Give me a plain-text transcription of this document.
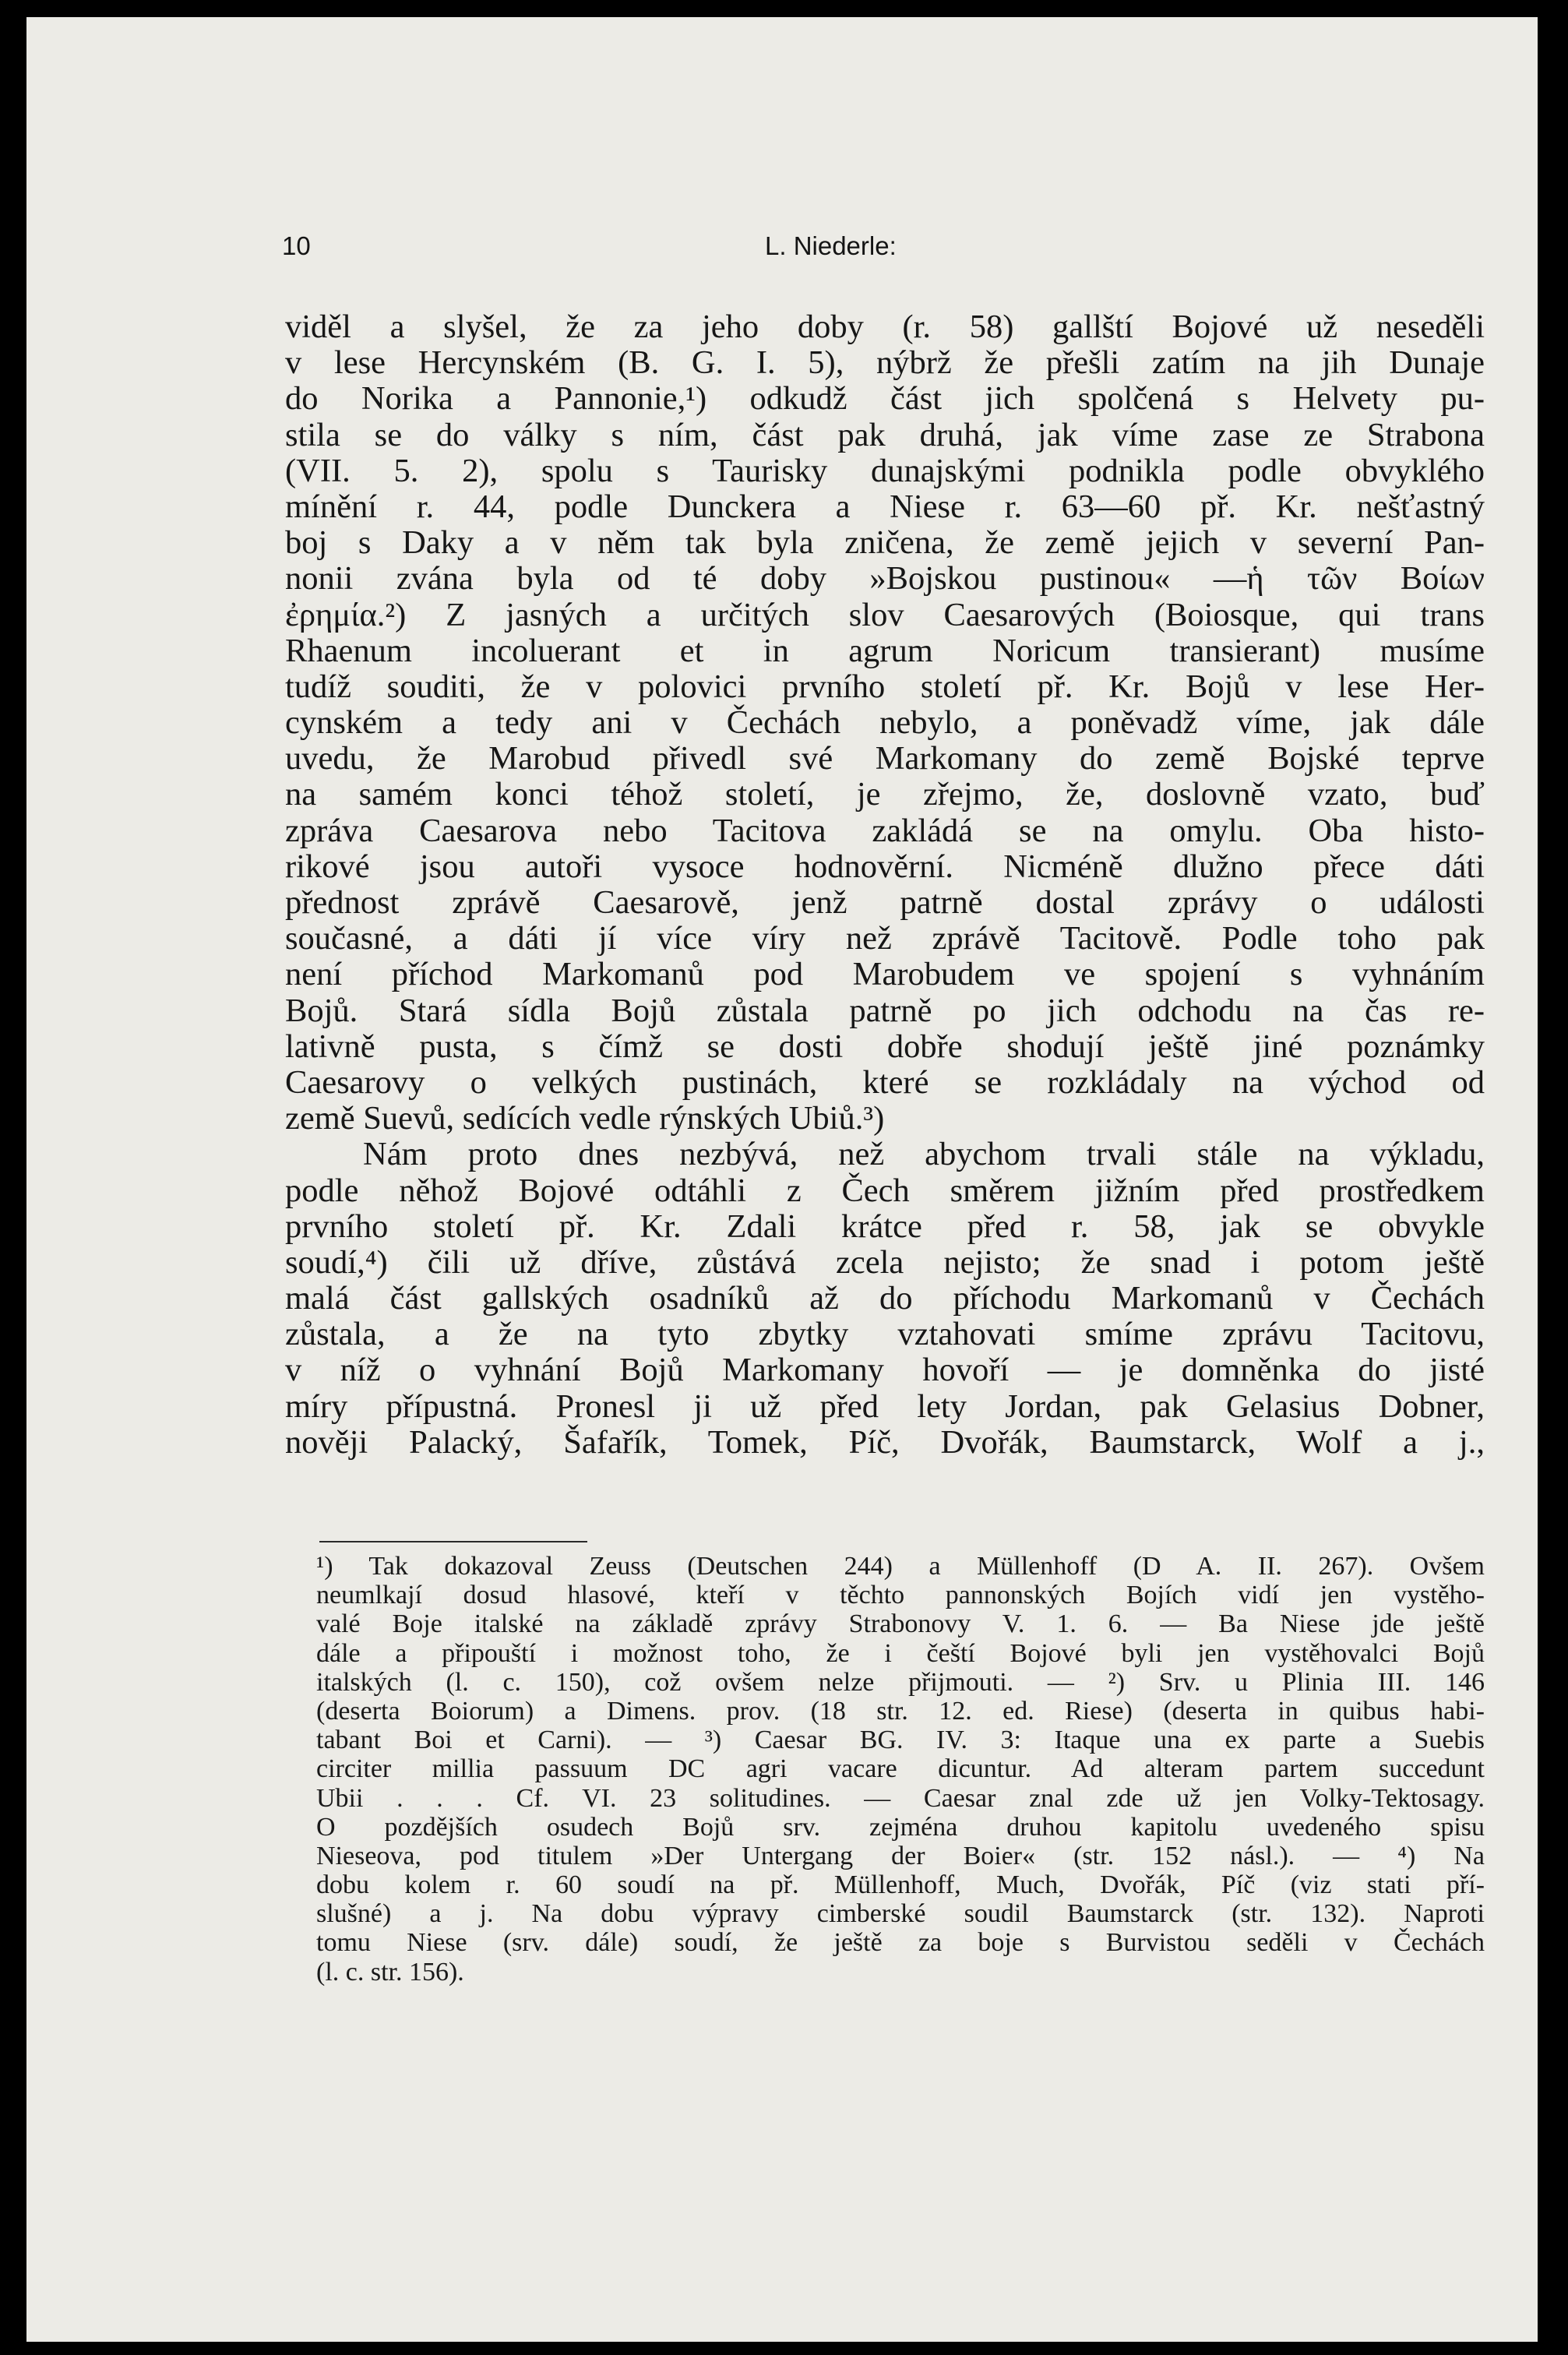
10	L. Niederle:
viděl a slyšel, že za jeho doby (r. 58) gallští Bojové už neseděli
v lese Hercynském (B. G. I. 5), nýbrž že přešli zatím na jih Dunaje
do Norika a Pannonie,¹) odkudž část jich spolčená s Helvety pu-
stila se do války s ním, část pak druhá, jak víme zase ze Strabona
(VII. 5. 2), spolu s Taurisky dunajskými podnikla podle obvyklého
mínění r. 44, podle Dunckera a Niese r. 63—60 př. Kr. nešťastný
boj s Daky a v něm tak byla zničena, že země jejich v severní Pan-
nonii zvána byla od té doby »Bojskou pustinou« —ἡ τῶν Βοίων
ἐρημία.²) Z jasných a určitých slov Caesarových (Boiosque, qui trans
Rhaenum incoluerant et in agrum Noricum transierant) musíme
tudíž souditi, že v polovici prvního století př. Kr. Bojů v lese Her-
cynském a tedy ani v Čechách nebylo, a poněvadž víme, jak dále
uvedu, že Marobud přivedl své Markomany do země Bojské teprve
na samém konci téhož století, je zřejmo, že, doslovně vzato, buď
zpráva Caesarova nebo Tacitova zakládá se na omylu. Oba histo-
rikové jsou autoři vysoce hodnověrní. Nicméně dlužno přece dáti
přednost zprávě Caesarově, jenž patrně dostal zprávy o události
současné, a dáti jí více víry než zprávě Tacitově. Podle toho pak
není příchod Markomanů pod Marobudem ve spojení s vyhnáním
Bojů. Stará sídla Bojů zůstala patrně po jich odchodu na čas re-
lativně pusta, s čímž se dosti dobře shodují ještě jiné poznámky
Caesarovy o velkých pustinách, které se rozkládaly na východ od
země Suevů, sedících vedle rýnských Ubiů.³)
Nám proto dnes nezbývá, než abychom trvali stále na výkladu,
podle něhož Bojové odtáhli z Čech směrem jižním před prostředkem
prvního století př. Kr. Zdali krátce před r. 58, jak se obvykle
soudí,⁴) čili už dříve, zůstává zcela nejisto; že snad i potom ještě
malá část gallských osadníků až do příchodu Markomanů v Čechách
zůstala, a že na tyto zbytky vztahovati smíme zprávu Tacitovu,
v níž o vyhnání Bojů Markomany hovoří — je domněnka do jisté
míry přípustná. Pronesl ji už před lety Jordan, pak Gelasius Dobner,
nověji Palacký, Šafařík, Tomek, Píč, Dvořák, Baumstarck, Wolf a j.,
¹) Tak dokazoval Zeuss (Deutschen 244) a Müllenhoff (D A. II. 267). Ovšem
neumlkají dosud hlasové, kteří v těchto pannonských Bojích vidí jen vystěho-
valé Boje italské na základě zprávy Strabonovy V. 1. 6. — Ba Niese jde ještě
dále a připouští i možnost toho, že i čeští Bojové byli jen vystěhovalci Bojů
italských (l. c. 150), což ovšem nelze přijmouti. — ²) Srv. u Plinia III. 146
(deserta Boiorum) a Dimens. prov. (18 str. 12. ed. Riese) (deserta in quibus habi-
tabant Boi et Carni). — ³) Caesar BG. IV. 3: Itaque una ex parte a Suebis
circiter millia passuum DC agri vacare dicuntur. Ad alteram partem succedunt
Ubii . . . Cf. VI. 23 solitudines. — Caesar znal zde už jen Volky-Tektosagy.
O pozdějších osudech Bojů srv. zejména druhou kapitolu uvedeného spisu
Nieseova, pod titulem »Der Untergang der Boier« (str. 152 násl.). — ⁴) Na
dobu kolem r. 60 soudí na př. Müllenhoff, Much, Dvořák, Píč (viz stati pří-
slušné) a j. Na dobu výpravy cimberské soudil Baumstarck (str. 132). Naproti
tomu Niese (srv. dále) soudí, že ještě za boje s Burvistou seděli v Čechách
(l. c. str. 156).
